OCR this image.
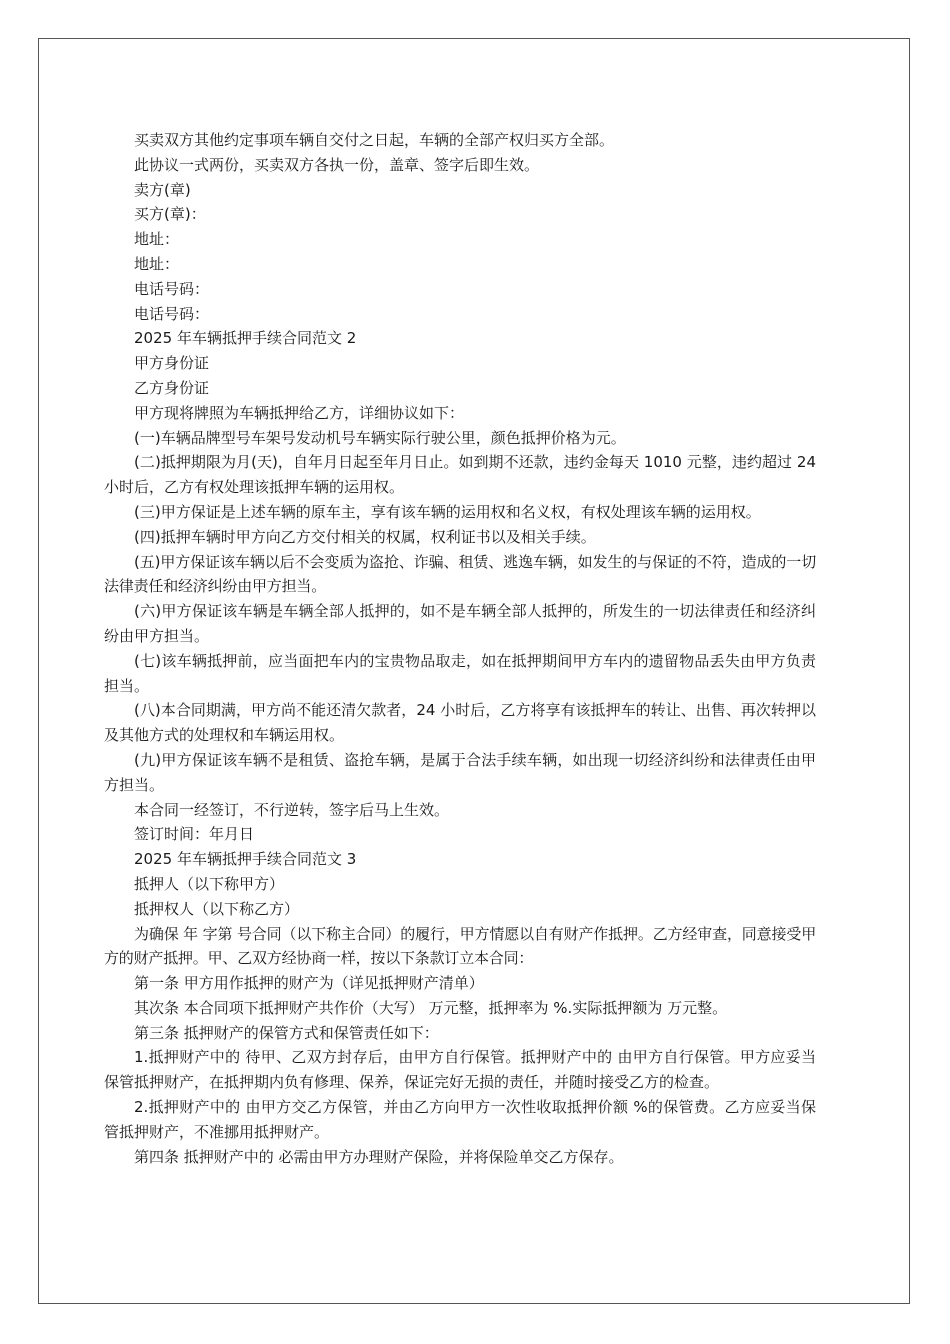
买卖双方其他约定事项车辆自交付之日起，车辆的全部产权归买方全部。

此协议一式两份，买卖双方各执一份，盖章、签字后即生效。

卖方(章)

买方(章)：

地址：

地址：

电话号码：

电话号码：

2025 年车辆抵押手续合同范文 2

甲方身份证

乙方身份证

甲方现将牌照为车辆抵押给乙方，详细协议如下：

(一)车辆品牌型号车架号发动机号车辆实际行驶公里，颜色抵押价格为元。

(二)抵押期限为月(天)，自年月日起至年月日止。如到期不还款，违约金每天 1010 元整，违约超过 24 小时后，乙方有权处理该抵押车辆的运用权。

(三)甲方保证是上述车辆的原车主，享有该车辆的运用权和名义权，有权处理该车辆的运用权。

(四)抵押车辆时甲方向乙方交付相关的权属，权利证书以及相关手续。

(五)甲方保证该车辆以后不会变质为盗抢、诈骗、租赁、逃逸车辆，如发生的与保证的不符，造成的一切法律责任和经济纠纷由甲方担当。

(六)甲方保证该车辆是车辆全部人抵押的，如不是车辆全部人抵押的，所发生的一切法律责任和经济纠纷由甲方担当。

(七)该车辆抵押前，应当面把车内的宝贵物品取走，如在抵押期间甲方车内的遗留物品丢失由甲方负责担当。

(八)本合同期满，甲方尚不能还清欠款者，24 小时后，乙方将享有该抵押车的转让、出售、再次转押以及其他方式的处理权和车辆运用权。

(九)甲方保证该车辆不是租赁、盗抢车辆，是属于合法手续车辆，如出现一切经济纠纷和法律责任由甲方担当。

本合同一经签订，不行逆转，签字后马上生效。

签订时间：年月日

2025 年车辆抵押手续合同范文 3

抵押人（以下称甲方）

抵押权人（以下称乙方）

为确保 年 字第 号合同（以下称主合同）的履行，甲方情愿以自有财产作抵押。乙方经审查，同意接受甲方的财产抵押。甲、乙双方经协商一样，按以下条款订立本合同：

第一条 甲方用作抵押的财产为（详见抵押财产清单）

其次条 本合同项下抵押财产共作价（大写） 万元整，抵押率为 %.实际抵押额为 万元整。

第三条 抵押财产的保管方式和保管责任如下：

1.抵押财产中的 待甲、乙双方封存后，由甲方自行保管。抵押财产中的 由甲方自行保管。甲方应妥当保管抵押财产，在抵押期内负有修理、保养，保证完好无损的责任，并随时接受乙方的检查。

2.抵押财产中的 由甲方交乙方保管，并由乙方向甲方一次性收取抵押价额 %的保管费。乙方应妥当保管抵押财产，不准挪用抵押财产。

第四条 抵押财产中的 必需由甲方办理财产保险，并将保险单交乙方保存。
